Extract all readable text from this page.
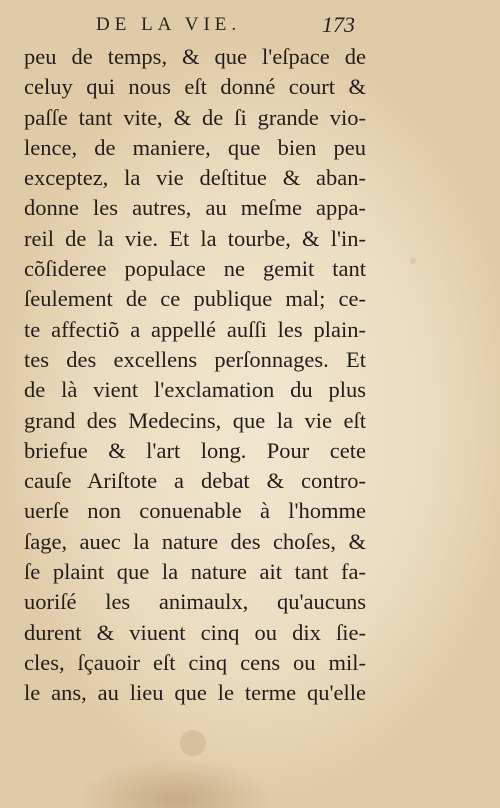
DE LA VIE.	173
peu de temps, & que l'eſpace de
celuy qui nous eſt donné court &
paſſe tant vite, & de ſi grande vio-
lence, de maniere, que bien peu
exceptez, la vie deſtitue & aban-
donne les autres, au meſme appa-
reil de la vie. Et la tourbe, & l'in-
cõſideree populace ne gemit tant
ſeulement de ce publique mal; ce-
te affectiõ a appellé auſſi les plain-
tes des excellens perſonnages. Et
de là vient l'exclamation du plus
grand des Medecins, que la vie eſt
briefue & l'art long. Pour cete
cauſe Ariſtote a debat & contro-
uerſe non conuenable à l'homme
ſage, auec la nature des choſes, &
ſe plaint que la nature ait tant fa-
uoriſé les animaulx, qu'aucuns
durent & viuent cinq ou dix ſie-
cles, ſçauoir eſt cinq cens ou mil-
le ans, au lieu que le terme qu'elle
